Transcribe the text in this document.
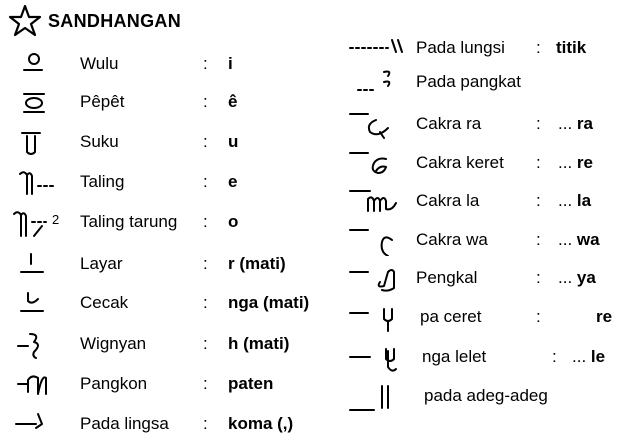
SANDHANGAN
Wulu	: i
Pêpêt	: ê
Suku	: u
Taling	: e
2 Taling tarung : o
Layar	: r (mati)
Cecak	: nga (mati)
Wignyan	: h (mati)
Pangkon	: paten
Pada lingsa : koma (,)
Pada lungsi : titik
Pada pangkat
Cakra ra	: ... ra
Cakra keret : ... re
Cakra la	: ... la
Cakra wa	: ... wa
Pengkal	: ... ya
pa ceret	:	re
nga lelet	: ... le
pada adeg-adeg
